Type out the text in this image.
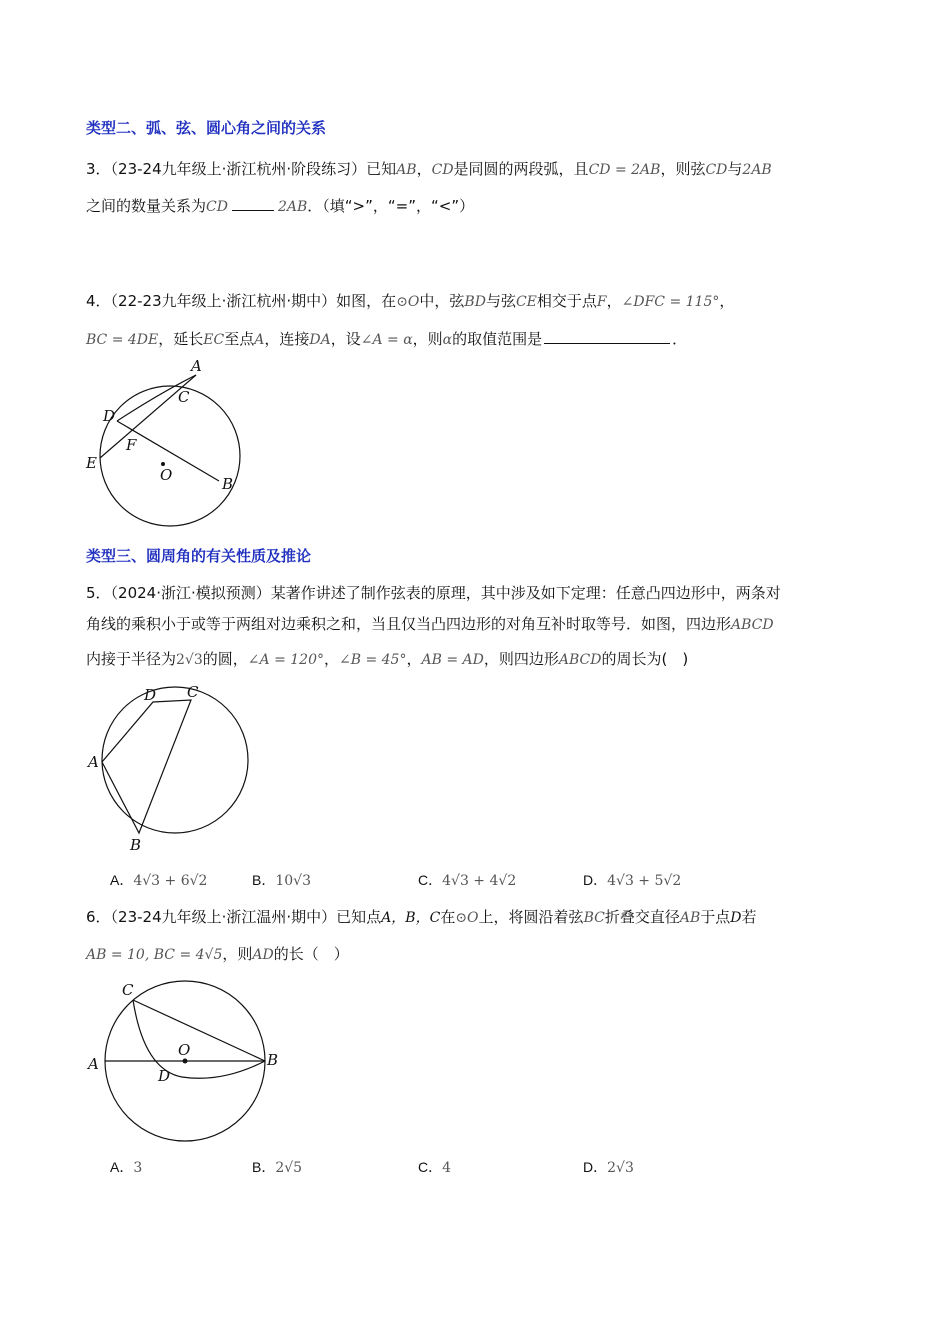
类型二、弧、弦、圆心角之间的关系
3．（23-24九年级上·浙江杭州·阶段练习）已知AB，CD是同圆的两段弧，且CD = 2AB，则弦CD与2AB
之间的数量关系为CD	2AB．（填“>”，“=”，“<”）
4．（22-23九年级上·浙江杭州·期中）如图，在⊙O中，弦BD与弦CE相交于点F，∠DFC = 115°，
BC = 4DE，延长EC至点A，连接DA，设∠A = α，则α的取值范围是	．
A
C
D
F
E
O	B
类型三、圆周角的有关性质及推论
5．（2024·浙江·模拟预测）某著作讲述了制作弦表的原理，其中涉及如下定理：任意凸四边形中，两条对
角线的乘积小于或等于两组对边乘积之和，当且仅当凸四边形的对角互补时取等号．如图，四边形ABCD
内接于半径为2√3的圆，∠A = 120°，∠B = 45°，AB = AD，则四边形ABCD的周长为(　)
D C
A
B
A．4√3 + 6√2	B．10√3	C．4√3 + 4√2	D．4√3 + 5√2
6．（23-24九年级上·浙江温州·期中）已知点A，B，C在⊙O上，将圆沿着弦BC折叠交直径AB于点D若
AB = 10, BC = 4√5，则AD的长（　）
C
O
A
D
B
A．3	B．2√5	C．4	D．2√3
